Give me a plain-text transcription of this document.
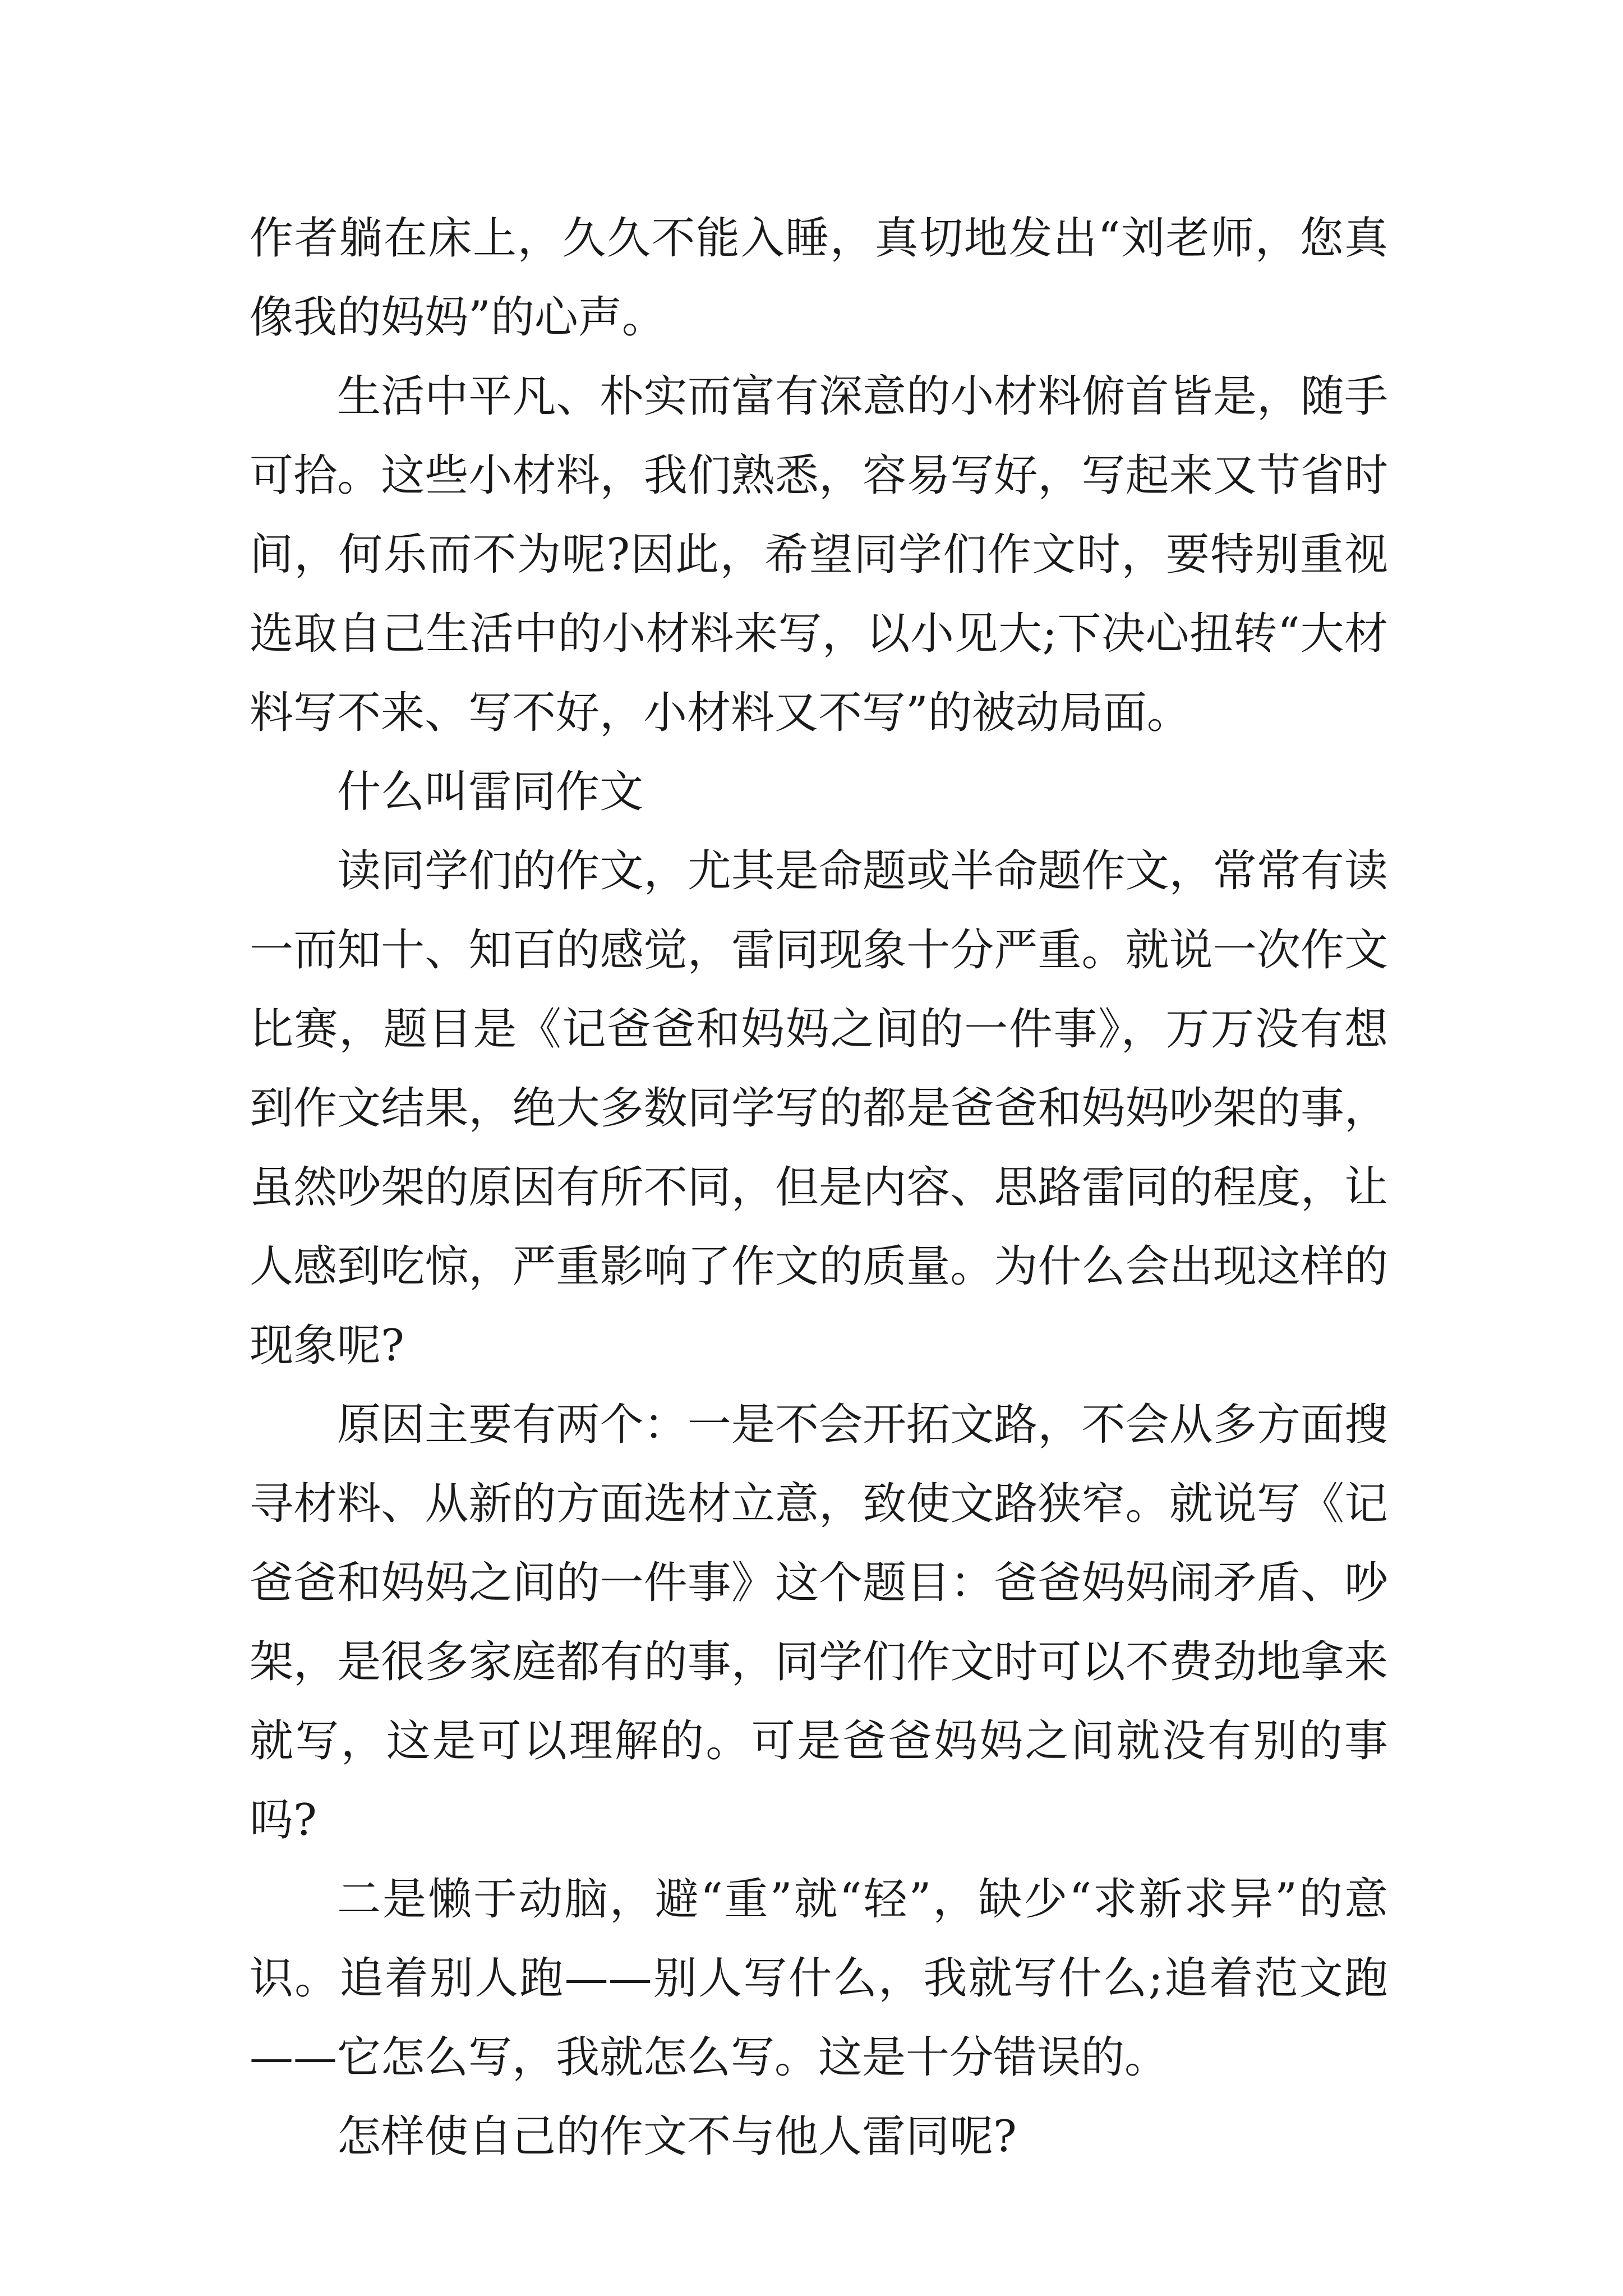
作者躺在床上，久久不能入睡，真切地发出“刘老师，您真像我的妈妈”的心声。

生活中平凡、朴实而富有深意的小材料俯首皆是，随手可拾。这些小材料，我们熟悉，容易写好，写起来又节省时间，何乐而不为呢?因此，希望同学们作文时，要特别重视选取自己生活中的小材料来写，以小见大;下决心扭转“大材料写不来、写不好，小材料又不写”的被动局面。

什么叫雷同作文

读同学们的作文，尤其是命题或半命题作文，常常有读一而知十、知百的感觉，雷同现象十分严重。就说一次作文比赛，题目是《记爸爸和妈妈之间的一件事》，万万没有想到作文结果，绝大多数同学写的都是爸爸和妈妈吵架的事，虽然吵架的原因有所不同，但是内容、思路雷同的程度，让人感到吃惊，严重影响了作文的质量。为什么会出现这样的现象呢?

原因主要有两个：一是不会开拓文路，不会从多方面搜寻材料、从新的方面选材立意，致使文路狭窄。就说写《记爸爸和妈妈之间的一件事》这个题目：爸爸妈妈闹矛盾、吵架，是很多家庭都有的事，同学们作文时可以不费劲地拿来就写，这是可以理解的。可是爸爸妈妈之间就没有别的事吗?

二是懒于动脑，避“重”就“轻”，缺少“求新求异”的意识。追着别人跑——别人写什么，我就写什么;追着范文跑——它怎么写，我就怎么写。这是十分错误的。

怎样使自己的作文不与他人雷同呢?
